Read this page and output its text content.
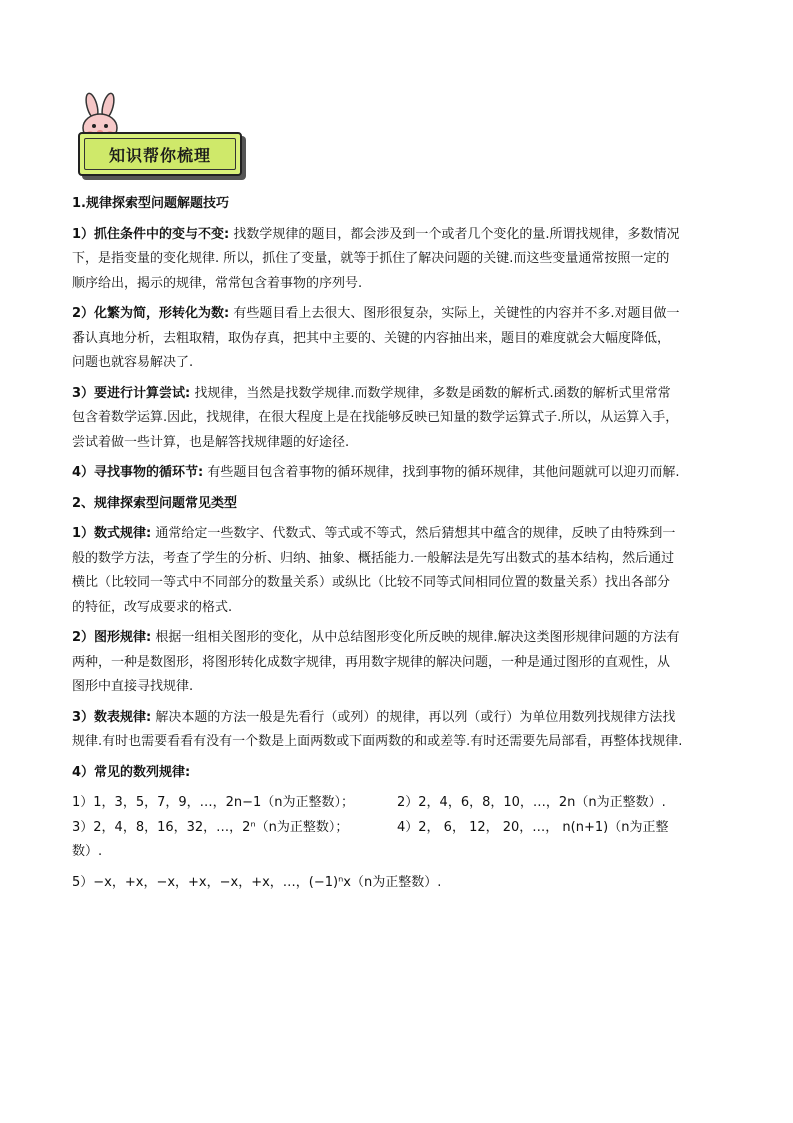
知识帮你梳理
1.规律探索型问题解题技巧
1）抓住条件中的变与不变: 找数学规律的题目，都会涉及到一个或者几个变化的量.所谓找规律，多数情况
下，是指变量的变化规律. 所以，抓住了变量，就等于抓住了解决问题的关键.而这些变量通常按照一定的
顺序给出，揭示的规律，常常包含着事物的序列号.
2）化繁为简，形转化为数: 有些题目看上去很大、图形很复杂，实际上，关键性的内容并不多.对题目做一
番认真地分析，去粗取精，取伪存真，把其中主要的、关键的内容抽出来，题目的难度就会大幅度降低，
问题也就容易解决了.
3）要进行计算尝试: 找规律，当然是找数学规律.而数学规律，多数是函数的解析式.函数的解析式里常常
包含着数学运算.因此，找规律，在很大程度上是在找能够反映已知量的数学运算式子.所以，从运算入手，
尝试着做一些计算，也是解答找规律题的好途径.
4）寻找事物的循环节: 有些题目包含着事物的循环规律，找到事物的循环规律，其他问题就可以迎刃而解.
2、规律探索型问题常见类型
1）数式规律: 通常给定一些数字、代数式、等式或不等式，然后猜想其中蕴含的规律，反映了由特殊到一
般的数学方法，考查了学生的分析、归纳、抽象、概括能力.一般解法是先写出数式的基本结构，然后通过
横比（比较同一等式中不同部分的数量关系）或纵比（比较不同等式间相同位置的数量关系）找出各部分
的特征，改写成要求的格式.
2）图形规律: 根据一组相关图形的变化，从中总结图形变化所反映的规律.解决这类图形规律问题的方法有
两种，一种是数图形，将图形转化成数字规律，再用数字规律的解决问题，一种是通过图形的直观性，从
图形中直接寻找规律.
3）数表规律: 解决本题的方法一般是先看行（或列）的规律，再以列（或行）为单位用数列找规律方法找
规律.有时也需要看看有没有一个数是上面两数或下面两数的和或差等.有时还需要先局部看，再整体找规律.
4）常见的数列规律:
1）1，3，5，7，9，…，2n−1（n为正整数）；	2）2，4，6，8，10，…，2n（n为正整数）.
3）2，4，8，16，32，…，2ⁿ（n为正整数）；	4）2， 6， 12， 20，…， n(n+1)（n为正整
数）.
5）−x，+x，−x，+x，−x，+x，…，(−1)ⁿx（n为正整数）.
